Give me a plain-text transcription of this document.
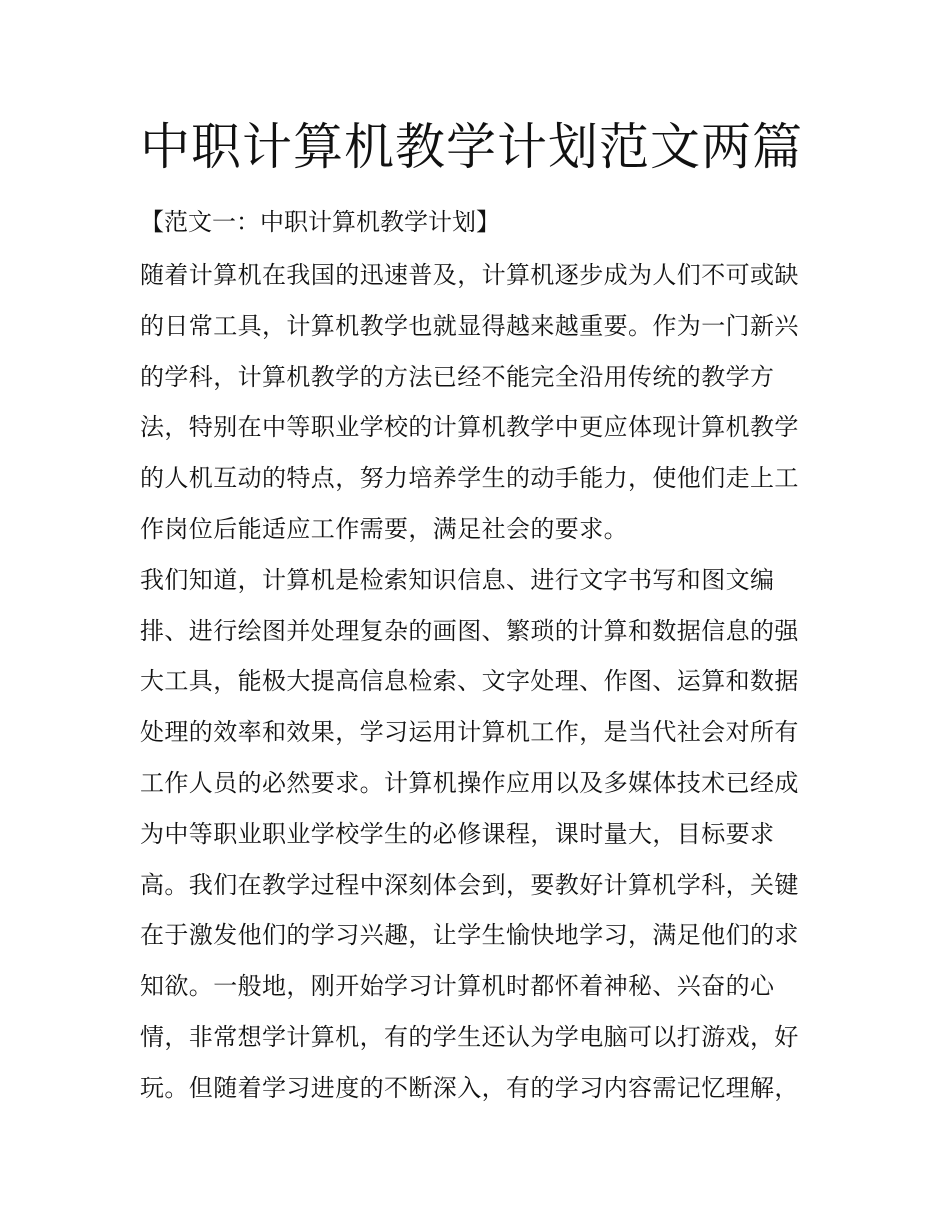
中职计算机教学计划范文两篇
【范文一：中职计算机教学计划】
随着计算机在我国的迅速普及，计算机逐步成为人们不可或缺
的日常工具，计算机教学也就显得越来越重要。作为一门新兴
的学科，计算机教学的方法已经不能完全沿用传统的教学方
法，特别在中等职业学校的计算机教学中更应体现计算机教学
的人机互动的特点，努力培养学生的动手能力，使他们走上工
作岗位后能适应工作需要，满足社会的要求。
我们知道，计算机是检索知识信息、进行文字书写和图文编
排、进行绘图并处理复杂的画图、繁琐的计算和数据信息的强
大工具，能极大提高信息检索、文字处理、作图、运算和数据
处理的效率和效果，学习运用计算机工作，是当代社会对所有
工作人员的必然要求。计算机操作应用以及多媒体技术已经成
为中等职业职业学校学生的必修课程，课时量大，目标要求
高。我们在教学过程中深刻体会到，要教好计算机学科，关键
在于激发他们的学习兴趣，让学生愉快地学习，满足他们的求
知欲。一般地，刚开始学习计算机时都怀着神秘、兴奋的心
情，非常想学计算机，有的学生还认为学电脑可以打游戏，好
玩。但随着学习进度的不断深入，有的学习内容需记忆理解，
